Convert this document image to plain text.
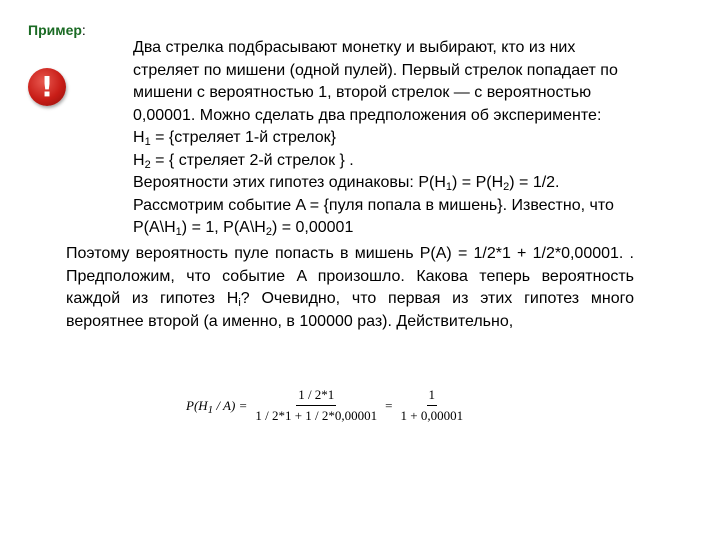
Пример:
!
Два стрелка подбрасывают монетку и выбирают, кто из них
стреляет по мишени (одной пулей). Первый стрелок попадает по
мишени с вероятностью 1, второй стрелок — с вероятностью
0,00001. Можно сделать два предположения об эксперименте:
$H_1$ = {стреляет 1-й стрелок}
$H_2$ = { стреляет 2-й стрелок } .
Вероятности этих гипотез одинаковы: $P(H_1) = P(H_2) = 1/2$.
Рассмотрим событие A = {пуля попала в мишень}. Известно, что
$P(A\backslash H_1) = 1$, $P(A\backslash H_2) = 0,00001$
Поэтому вероятность пуле попасть в мишень P(A) = 1/2*1 + 1/2*0,00001. . Предположим, что событие A произошло. Какова теперь вероятность каждой из гипотез $H_i$? Очевидно, что первая из этих гипотез много вероятнее второй (а именно, в 100000 раз). Действительно,
$P(H_1 / A) = \frac{1 / 2*1}{1 / 2*1 + 1 / 2*0,00001} = \frac{1}{1 + 0,00001}$
